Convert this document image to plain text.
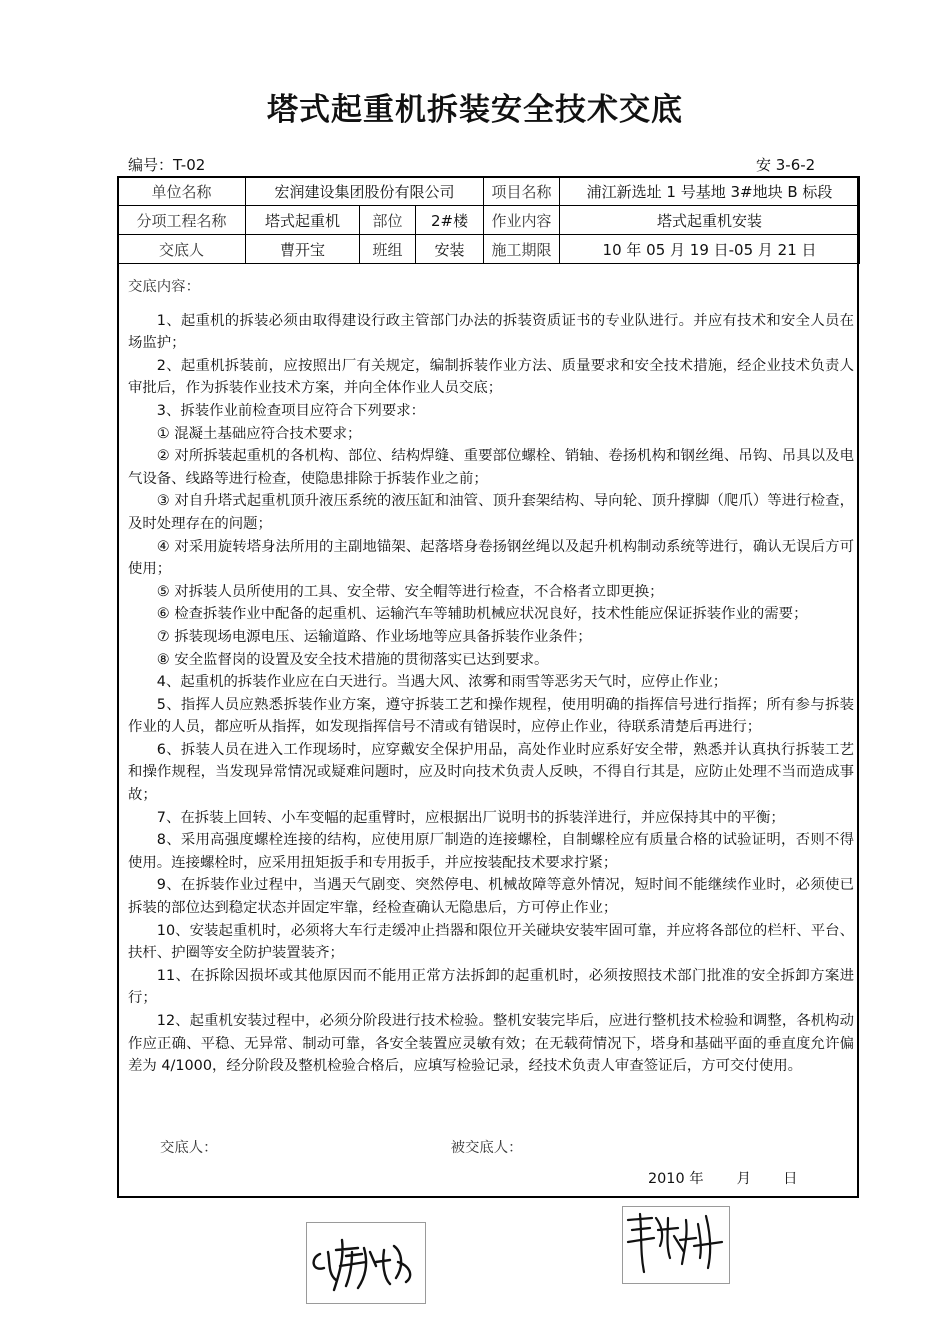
塔式起重机拆装安全技术交底
编号：T-02	安 3-6-2
单位名称	宏润建设集团股份有限公司			项目名称	浦江新选址 1 号基地 3#地块 B 标段
分项工程名称	塔式起重机	部位	2#楼	作业内容	塔式起重机安装
交底人	曹开宝	班组	安装	施工期限	10 年 05 月 19 日-05 月 21 日
交底内容：

1、起重机的拆装必须由取得建设行政主管部门办法的拆装资质证书的专业队进行。并应有技术和安全人员在场监护；

2、起重机拆装前，应按照出厂有关规定，编制拆装作业方法、质量要求和安全技术措施，经企业技术负责人审批后，作为拆装作业技术方案，并向全体作业人员交底；

3、拆装作业前检查项目应符合下列要求：

① 混凝土基础应符合技术要求；

② 对所拆装起重机的各机构、部位、结构焊缝、重要部位螺栓、销轴、卷扬机构和钢丝绳、吊钩、吊具以及电气设备、线路等进行检查，使隐患排除于拆装作业之前；

③ 对自升塔式起重机顶升液压系统的液压缸和油管、顶升套架结构、导向轮、顶升撑脚（爬爪）等进行检查，及时处理存在的问题；

④ 对采用旋转塔身法所用的主副地锚架、起落塔身卷扬钢丝绳以及起升机构制动系统等进行，确认无误后方可使用；

⑤ 对拆装人员所使用的工具、安全带、安全帽等进行检查，不合格者立即更换；

⑥ 检查拆装作业中配备的起重机、运输汽车等辅助机械应状况良好，技术性能应保证拆装作业的需要；

⑦ 拆装现场电源电压、运输道路、作业场地等应具备拆装作业条件；

⑧ 安全监督岗的设置及安全技术措施的贯彻落实已达到要求。

4、起重机的拆装作业应在白天进行。当遇大风、浓雾和雨雪等恶劣天气时，应停止作业；

5、指挥人员应熟悉拆装作业方案，遵守拆装工艺和操作规程，使用明确的指挥信号进行指挥；所有参与拆装作业的人员，都应听从指挥，如发现指挥信号不清或有错误时，应停止作业，待联系清楚后再进行；

6、拆装人员在进入工作现场时，应穿戴安全保护用品，高处作业时应系好安全带，熟悉并认真执行拆装工艺和操作规程，当发现异常情况或疑难问题时，应及时向技术负责人反映，不得自行其是，应防止处理不当而造成事故；

7、在拆装上回转、小车变幅的起重臂时，应根据出厂说明书的拆装洋进行，并应保持其中的平衡；

8、采用高强度螺栓连接的结构，应使用原厂制造的连接螺栓，自制螺栓应有质量合格的试验证明，否则不得使用。连接螺栓时，应采用扭矩扳手和专用扳手，并应按装配技术要求拧紧；

9、在拆装作业过程中，当遇天气剧变、突然停电、机械故障等意外情况，短时间不能继续作业时，必须使已拆装的部位达到稳定状态并固定牢靠，经检查确认无隐患后，方可停止作业；

10、安装起重机时，必须将大车行走缓冲止挡器和限位开关碰块安装牢固可靠，并应将各部位的栏杆、平台、扶杆、护圈等安全防护装置装齐；

11、在拆除因损坏或其他原因而不能用正常方法拆卸的起重机时，必须按照技术部门批准的安全拆卸方案进行；

12、起重机安装过程中，必须分阶段进行技术检验。整机安装完毕后，应进行整机技术检验和调整，各机构动作应正确、平稳、无异常、制动可靠，各安全装置应灵敏有效；在无载荷情况下，塔身和基础平面的垂直度允许偏差为 4/1000，经分阶段及整机检验合格后，应填写检验记录，经技术负责人审查签证后，方可交付使用。

交底人：	被交底人：
2010 年 月 日
